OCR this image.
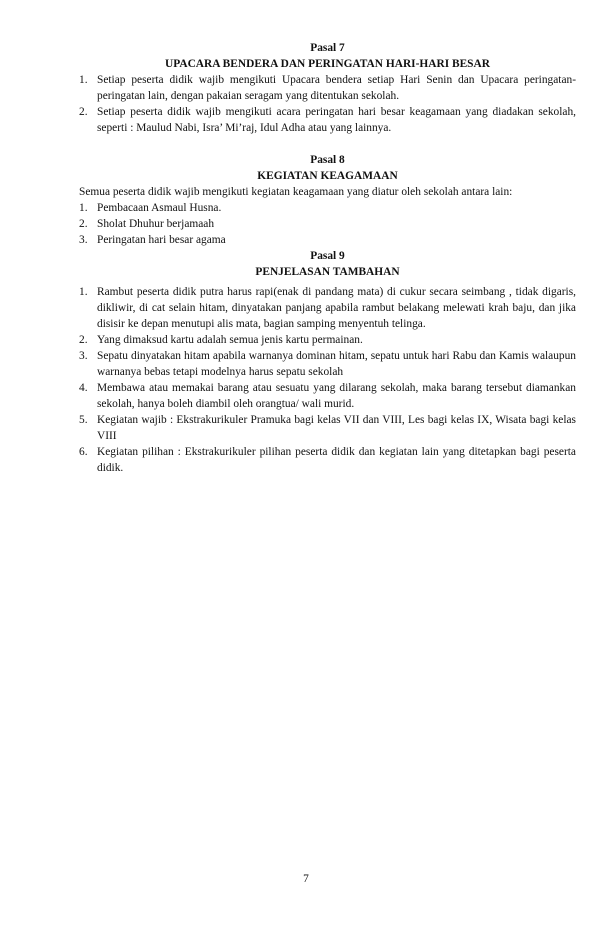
Pasal 7

UPACARA BENDERA DAN PERINGATAN HARI-HARI BESAR

1. Setiap peserta didik wajib mengikuti Upacara bendera setiap Hari Senin dan Upacara peringatan-peringatan lain, dengan pakaian seragam yang ditentukan sekolah.
2. Setiap peserta didik wajib mengikuti acara peringatan hari besar keagamaan yang diadakan sekolah, seperti : Maulud Nabi, Isra’ Mi’raj, Idul Adha atau yang lainnya.

Pasal 8

KEGIATAN KEAGAMAAN

Semua peserta didik wajib mengikuti kegiatan keagamaan yang diatur oleh sekolah antara lain:

1. Pembacaan Asmaul Husna.
2. Sholat Dhuhur berjamaah
3. Peringatan hari besar agama

Pasal 9

PENJELASAN TAMBAHAN

1. Rambut peserta didik putra harus rapi(enak di pandang mata) di cukur secara seimbang , tidak digaris, dikliwir, di cat selain hitam, dinyatakan panjang apabila rambut belakang melewati krah baju, dan jika disisir ke depan menutupi alis mata, bagian samping menyentuh telinga.
2. Yang dimaksud kartu adalah semua jenis kartu permainan.
3. Sepatu dinyatakan hitam apabila warnanya dominan hitam, sepatu untuk hari Rabu dan Kamis walaupun warnanya bebas tetapi modelnya harus sepatu sekolah
4. Membawa atau memakai barang atau sesuatu yang dilarang sekolah, maka barang tersebut diamankan sekolah, hanya boleh diambil oleh orangtua/ wali murid.
5. Kegiatan wajib : Ekstrakurikuler Pramuka bagi kelas VII dan VIII, Les bagi kelas IX, Wisata bagi kelas VIII
6. Kegiatan pilihan : Ekstrakurikuler pilihan peserta didik dan kegiatan lain yang ditetapkan bagi peserta didik.
7
